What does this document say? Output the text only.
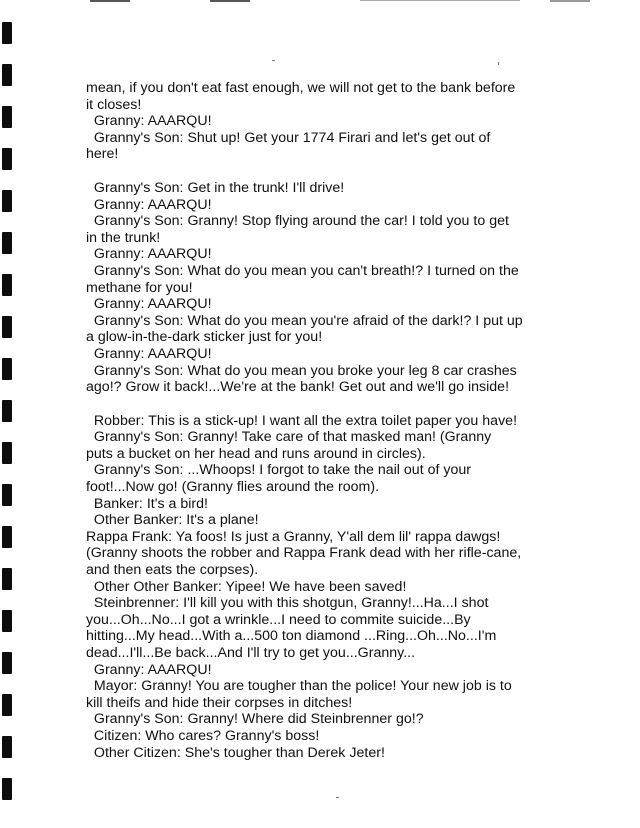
mean, if you don't eat fast enough, we will not get to the bank before
it closes!
Granny: AAARQU!
Granny's Son: Shut up! Get your 1774 Firari and let's get out of
here!
Granny's Son: Get in the trunk! I'll drive!
Granny: AAARQU!
Granny's Son: Granny! Stop flying around the car! I told you to get
in the trunk!
Granny: AAARQU!
Granny's Son: What do you mean you can't breath!? I turned on the
methane for you!
Granny: AAARQU!
Granny's Son: What do you mean you're afraid of the dark!? I put up
a glow-in-the-dark sticker just for you!
Granny: AAARQU!
Granny's Son: What do you mean you broke your leg 8 car crashes
ago!? Grow it back!...We're at the bank! Get out and we'll go inside!
Robber: This is a stick-up! I want all the extra toilet paper you have!
Granny's Son: Granny! Take care of that masked man! (Granny
puts a bucket on her head and runs around in circles).
Granny's Son: ...Whoops! I forgot to take the nail out of your
foot!...Now go! (Granny flies around the room).
Banker: It's a bird!
Other Banker: It's a plane!
Rappa Frank: Ya foos! Is just a Granny, Y'all dem lil' rappa dawgs!
(Granny shoots the robber and Rappa Frank dead with her rifle-cane,
and then eats the corpses).
Other Other Banker: Yipee! We have been saved!
Steinbrenner: I'll kill you with this shotgun, Granny!...Ha...I shot
you...Oh...No...I got a wrinkle...I need to commite suicide...By
hitting...My head...With a...500 ton diamond ...Ring...Oh...No...I'm
dead...I'll...Be back...And I'll try to get you...Granny...
Granny: AAARQU!
Mayor: Granny! You are tougher than the police! Your new job is to
kill theifs and hide their corpses in ditches!
Granny's Son: Granny! Where did Steinbrenner go!?
Citizen: Who cares? Granny's boss!
Other Citizen: She's tougher than Derek Jeter!
